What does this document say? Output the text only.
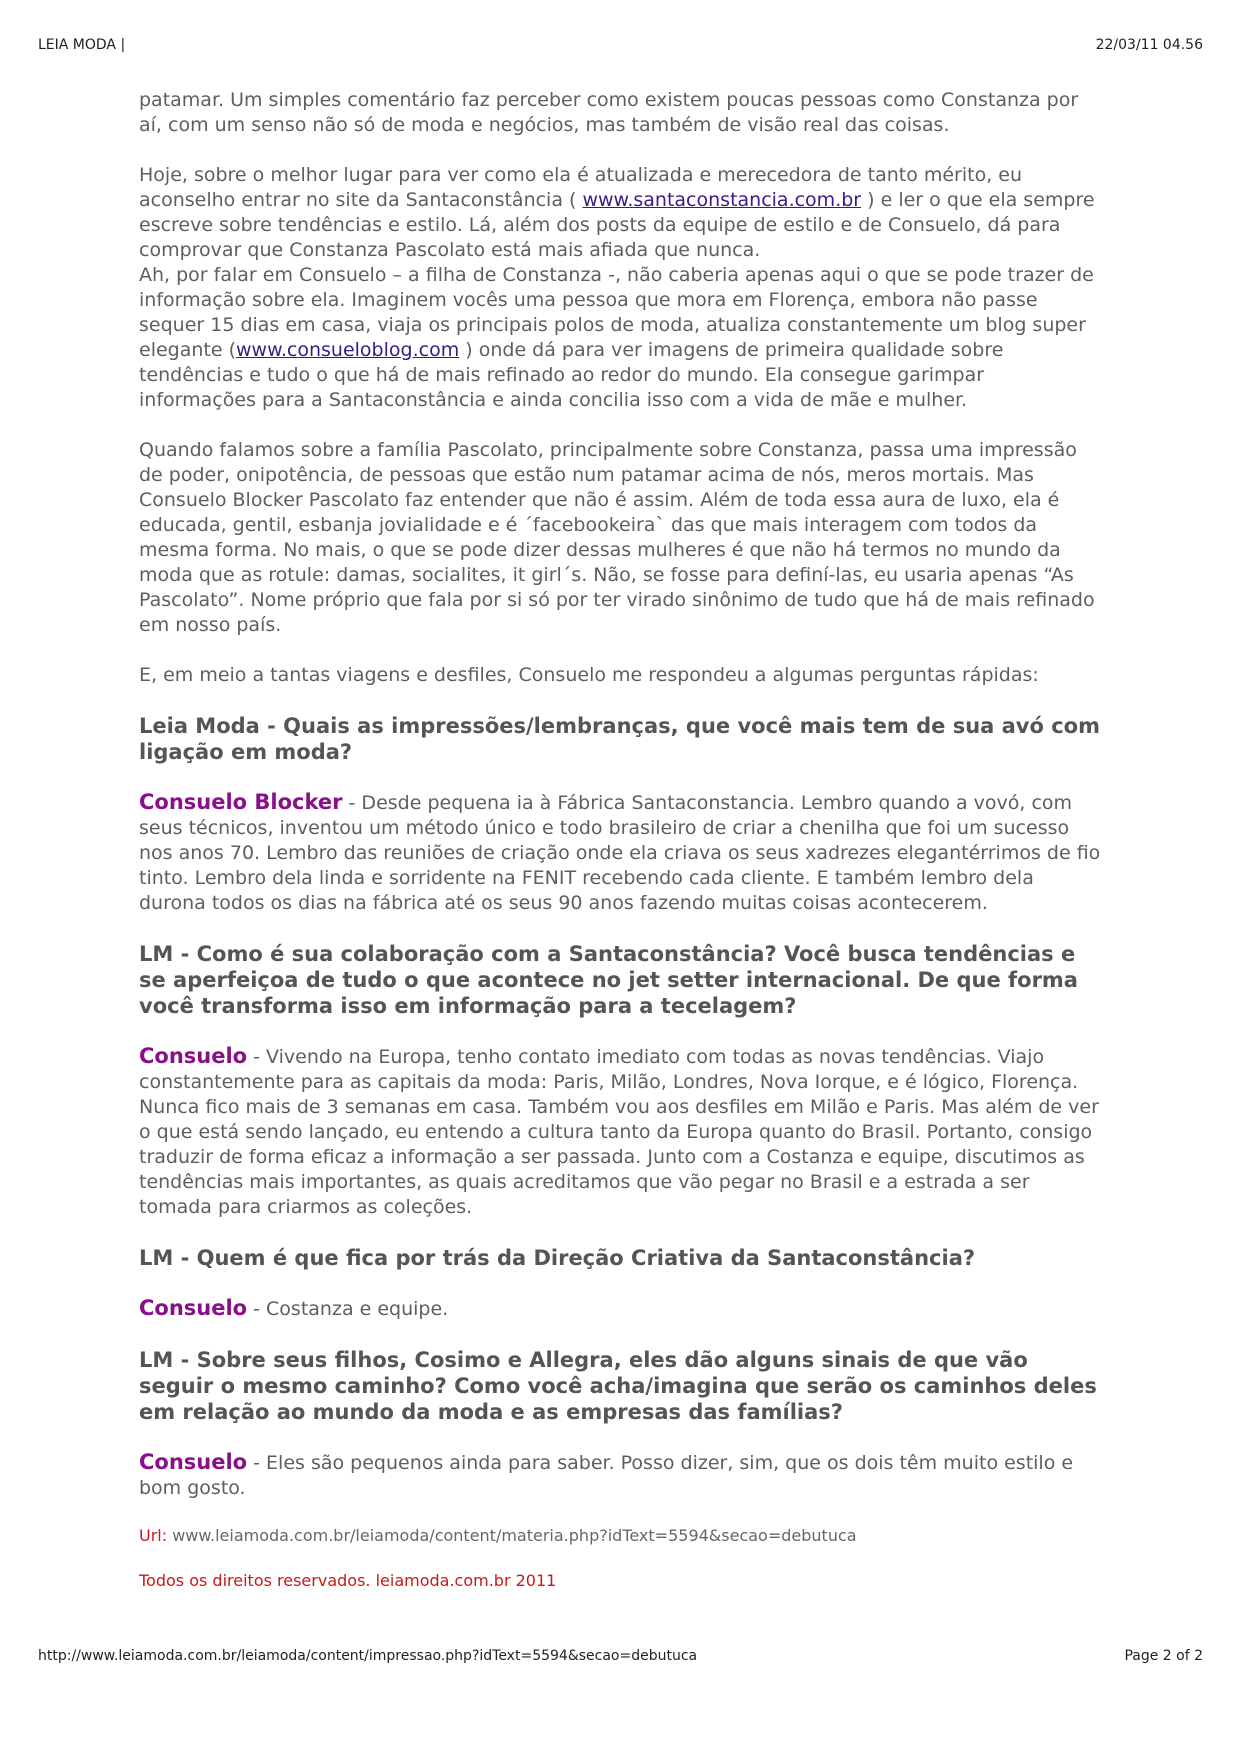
LEIA MODA |	22/03/11 04.56

patamar. Um simples comentário faz perceber como existem poucas pessoas como Constanza por aí, com um senso não só de moda e negócios, mas também de visão real das coisas.

Hoje, sobre o melhor lugar para ver como ela é atualizada e merecedora de tanto mérito, eu aconselho entrar no site da Santaconstância ( www.santaconstancia.com.br ) e ler o que ela sempre escreve sobre tendências e estilo. Lá, além dos posts da equipe de estilo e de Consuelo, dá para comprovar que Constanza Pascolato está mais afiada que nunca.

Ah, por falar em Consuelo – a filha de Constanza -, não caberia apenas aqui o que se pode trazer de informação sobre ela. Imaginem vocês uma pessoa que mora em Florença, embora não passe sequer 15 dias em casa, viaja os principais polos de moda, atualiza constantemente um blog super elegante (www.consueloblog.com ) onde dá para ver imagens de primeira qualidade sobre tendências e tudo o que há de mais refinado ao redor do mundo. Ela consegue garimpar informações para a Santaconstância e ainda concilia isso com a vida de mãe e mulher.

Quando falamos sobre a família Pascolato, principalmente sobre Constanza, passa uma impressão de poder, onipotência, de pessoas que estão num patamar acima de nós, meros mortais. Mas Consuelo Blocker Pascolato faz entender que não é assim. Além de toda essa aura de luxo, ela é educada, gentil, esbanja jovialidade e é ´facebookeira` das que mais interagem com todos da mesma forma. No mais, o que se pode dizer dessas mulheres é que não há termos no mundo da moda que as rotule: damas, socialites, it girl´s. Não, se fosse para definí-las, eu usaria apenas “As Pascolato”. Nome próprio que fala por si só por ter virado sinônimo de tudo que há de mais refinado em nosso país.

E, em meio a tantas viagens e desfiles, Consuelo me respondeu a algumas perguntas rápidas:

Leia Moda - Quais as impressões/lembranças, que você mais tem de sua avó com ligação em moda?

Consuelo Blocker - Desde pequena ia à Fábrica Santaconstancia. Lembro quando a vovó, com seus técnicos, inventou um método único e todo brasileiro de criar a chenilha que foi um sucesso nos anos 70. Lembro das reuniões de criação onde ela criava os seus xadrezes elegantérrimos de fio tinto. Lembro dela linda e sorridente na FENIT recebendo cada cliente. E também lembro dela durona todos os dias na fábrica até os seus 90 anos fazendo muitas coisas acontecerem.

LM - Como é sua colaboração com a Santaconstância? Você busca tendências e se aperfeiçoa de tudo o que acontece no jet setter internacional. De que forma você transforma isso em informação para a tecelagem?

Consuelo - Vivendo na Europa, tenho contato imediato com todas as novas tendências. Viajo constantemente para as capitais da moda: Paris, Milão, Londres, Nova Iorque, e é lógico, Florença. Nunca fico mais de 3 semanas em casa. Também vou aos desfiles em Milão e Paris. Mas além de ver o que está sendo lançado, eu entendo a cultura tanto da Europa quanto do Brasil. Portanto, consigo traduzir de forma eficaz a informação a ser passada. Junto com a Costanza e equipe, discutimos as tendências mais importantes, as quais acreditamos que vão pegar no Brasil e a estrada a ser tomada para criarmos as coleções.

LM - Quem é que fica por trás da Direção Criativa da Santaconstância?

Consuelo - Costanza e equipe.

LM - Sobre seus filhos, Cosimo e Allegra, eles dão alguns sinais de que vão seguir o mesmo caminho? Como você acha/imagina que serão os caminhos deles em relação ao mundo da moda e as empresas das famílias?

Consuelo - Eles são pequenos ainda para saber. Posso dizer, sim, que os dois têm muito estilo e bom gosto.

Url: www.leiamoda.com.br/leiamoda/content/materia.php?idText=5594&secao=debutuca

Todos os direitos reservados. leiamoda.com.br 2011

http://www.leiamoda.com.br/leiamoda/content/impressao.php?idText=5594&secao=debutuca	Page 2 of 2
